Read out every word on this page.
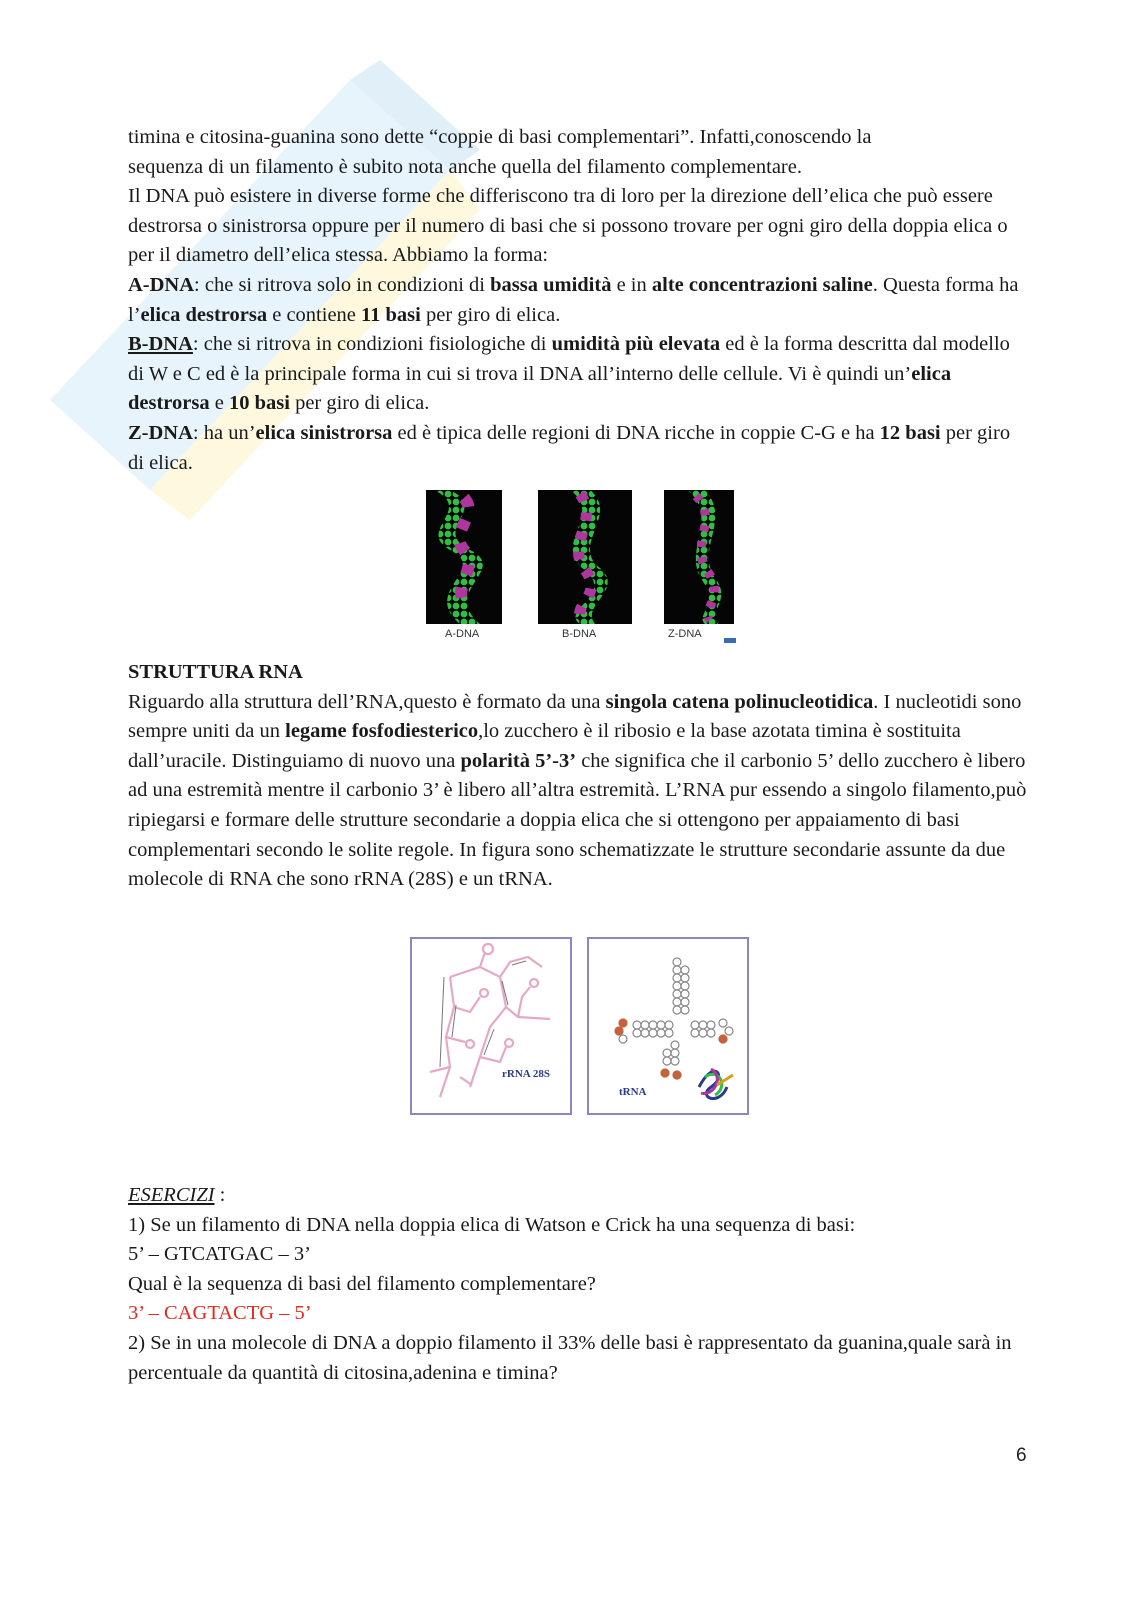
timina e citosina-guanina sono dette “coppie di basi complementari”. Infatti,conoscendo la

sequenza di un filamento è subito nota anche quella del filamento complementare.

Il DNA può esistere in diverse forme che differiscono tra di loro per la direzione dell’elica che può essere destrorsa o sinistrorsa oppure per il numero di basi che si possono trovare per ogni giro della doppia elica o per il diametro dell’elica stessa. Abbiamo la forma:

A-DNA: che si ritrova solo in condizioni di bassa umidità e in alte concentrazioni saline. Questa forma ha l’elica destrorsa e contiene 11 basi per giro di elica.

B-DNA: che si ritrova in condizioni fisiologiche di umidità più elevata ed è la forma descritta dal modello di W e C ed è la principale forma in cui si trova il DNA all’interno delle cellule. Vi è quindi un’elica destrorsa e 10 basi per giro di elica.

Z-DNA: ha un’elica sinistrorsa ed è tipica delle regioni di DNA ricche in coppie C-G e ha 12 basi per giro di elica.

A-DNA	B-DNA	Z-DNA

STRUTTURA RNA

Riguardo alla struttura dell’RNA,questo è formato da una singola catena polinucleotidica. I nucleotidi sono sempre uniti da un legame fosfodiesterico,lo zucchero è il ribosio e la base azotata timina è sostituita dall’uracile. Distinguiamo di nuovo una polarità 5’-3’ che significa che il carbonio 5’ dello zucchero è libero ad una estremità mentre il carbonio 3’ è libero all’altra estremità. L’RNA pur essendo a singolo filamento,può ripiegarsi e formare delle strutture secondarie a doppia elica che si ottengono per appaiamento di basi complementari secondo le solite regole. In figura sono schematizzate le strutture secondarie assunte da due molecole di RNA che sono rRNA (28S) e un tRNA.

rRNA 28S
tRNA

ESERCIZI :

1) Se un filamento di DNA nella doppia elica di Watson e Crick ha una sequenza di basi:

5’ – GTCATGAC – 3’

Qual è la sequenza di basi del filamento complementare?

3’ – CAGTACTG – 5’

2) Se in una molecole di DNA a doppio filamento il 33% delle basi è rappresentato da guanina,quale sarà in percentuale da quantità di citosina,adenina e timina?

6
